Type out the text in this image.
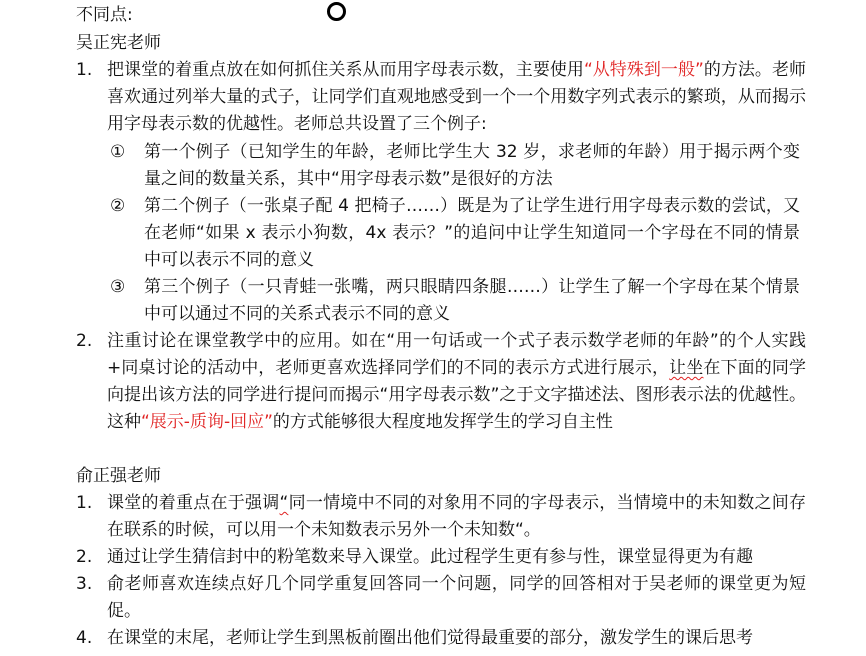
不同点:
吴正宪老师
1. 把课堂的着重点放在如何抓住关系从而用字母表示数，主要使用“从特殊到一般”的方法。老师喜欢通过列举大量的式子，让同学们直观地感受到一个一个用数字列式表示的繁琐，从而揭示用字母表示数的优越性。老师总共设置了三个例子:
①	第一个例子（已知学生的年龄，老师比学生大 32 岁，求老师的年龄）用于揭示两个变量之间的数量关系，其中“用字母表示数”是很好的方法
②	第二个例子（一张桌子配 4 把椅子……）既是为了让学生进行用字母表示数的尝试，又在老师“如果 x 表示小狗数，4x 表示？”的追问中让学生知道同一个字母在不同的情景中可以表示不同的意义
③	第三个例子（一只青蛙一张嘴，两只眼睛四条腿……）让学生了解一个字母在某个情景中可以通过不同的关系式表示不同的意义
2. 注重讨论在课堂教学中的应用。如在“用一句话或一个式子表示数学老师的年龄”的个人实践+同桌讨论的活动中，老师更喜欢选择同学们的不同的表示方式进行展示，让坐在下面的同学向提出该方法的同学进行提问而揭示“用字母表示数”之于文字描述法、图形表示法的优越性。这种“展示-质询-回应”的方式能够很大程度地发挥学生的学习自主性
俞正强老师
1. 课堂的着重点在于强调“同一情境中不同的对象用不同的字母表示，当情境中的未知数之间存在联系的时候，可以用一个未知数表示另外一个未知数“。
2. 通过让学生猜信封中的粉笔数来导入课堂。此过程学生更有参与性，课堂显得更为有趣
3. 俞老师喜欢连续点好几个同学重复回答同一个问题，同学的回答相对于吴老师的课堂更为短促。
4. 在课堂的末尾，老师让学生到黑板前圈出他们觉得最重要的部分，激发学生的课后思考
